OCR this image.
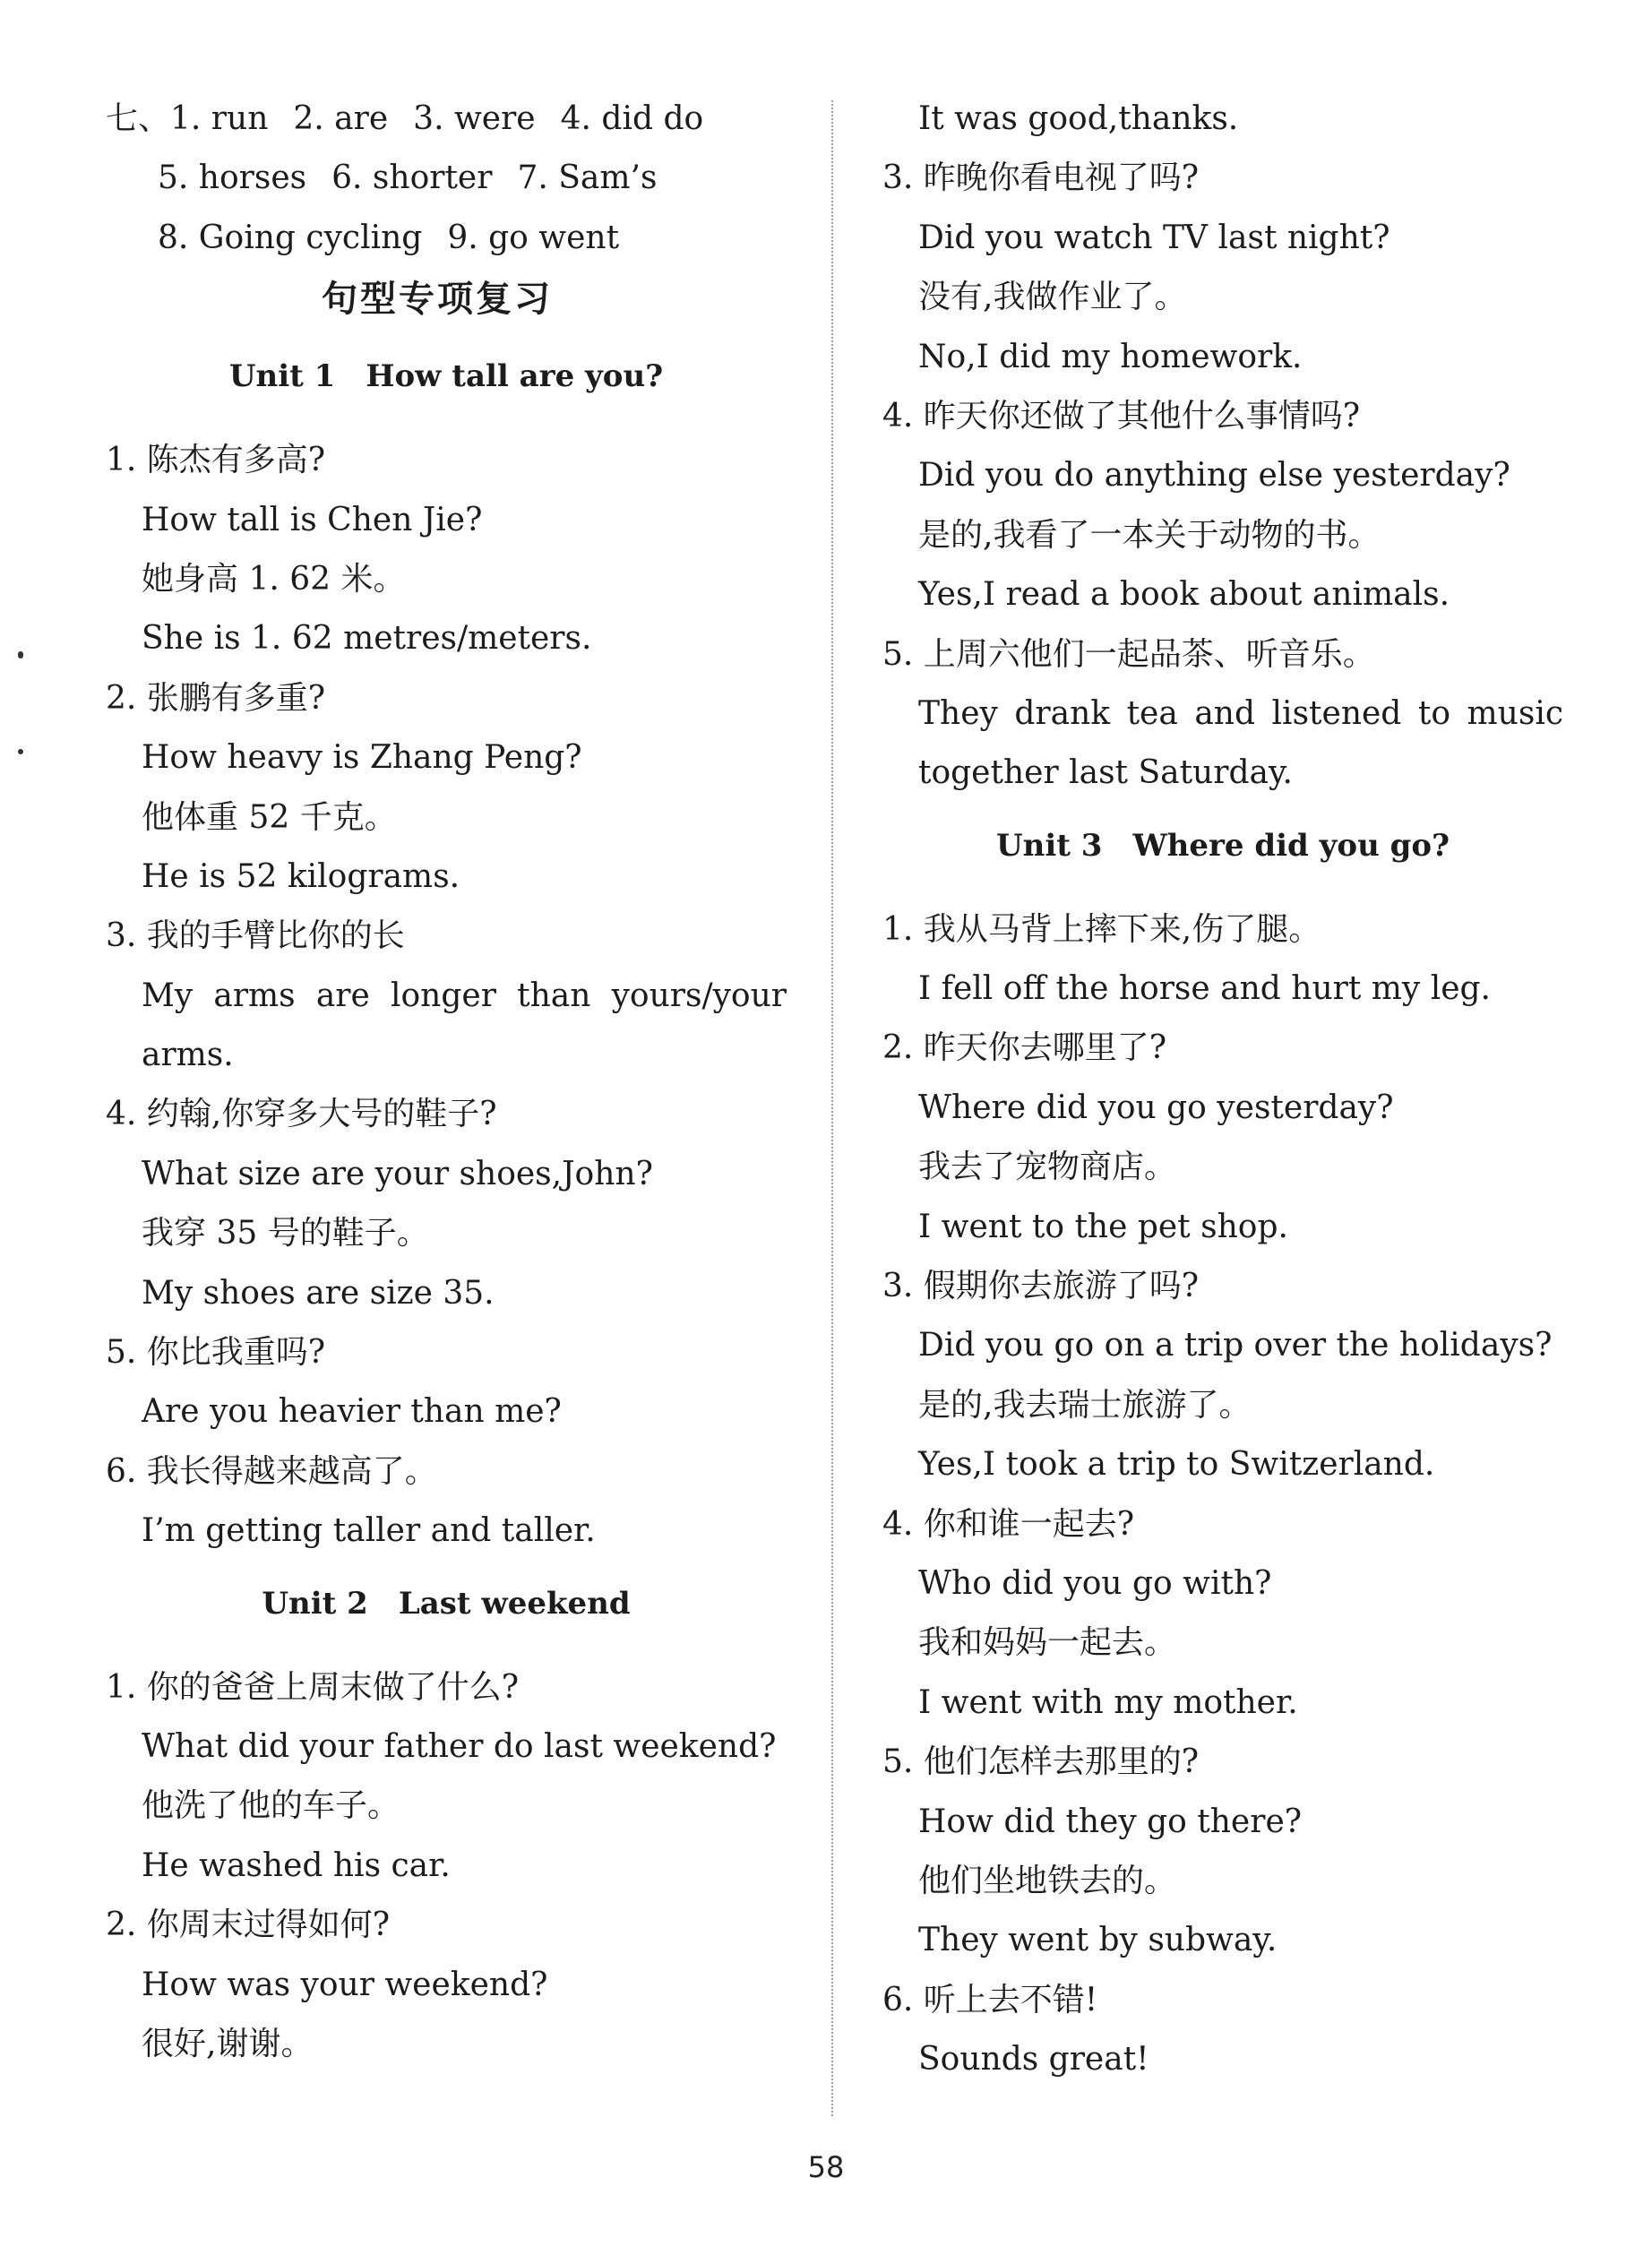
七、1. run 2. are 3. were 4. did do
5. horses 6. shorter 7. Sam’s
8. Going cycling 9. go went
句型专项复习
Unit 1　How tall are you?
1. 陈杰有多高?
How tall is Chen Jie?
她身高 1. 62 米。
She is 1. 62 metres/meters.
2. 张鹏有多重?
How heavy is Zhang Peng?
他体重 52 千克。
He is 52 kilograms.
3. 我的手臂比你的长
My arms are longer than yours/your
arms.
4. 约翰,你穿多大号的鞋子?
What size are your shoes,John?
我穿 35 号的鞋子。
My shoes are size 35.
5. 你比我重吗?
Are you heavier than me?
6. 我长得越来越高了。
I’m getting taller and taller.
Unit 2　Last weekend
1. 你的爸爸上周末做了什么?
What did your father do last weekend?
他洗了他的车子。
He washed his car.
2. 你周末过得如何?
How was your weekend?
很好,谢谢。
It was good,thanks.
3. 昨晚你看电视了吗?
Did you watch TV last night?
没有,我做作业了。
No,I did my homework.
4. 昨天你还做了其他什么事情吗?
Did you do anything else yesterday?
是的,我看了一本关于动物的书。
Yes,I read a book about animals.
5. 上周六他们一起品茶、听音乐。
They drank tea and listened to music
together last Saturday.
Unit 3　Where did you go?
1. 我从马背上摔下来,伤了腿。
I fell off the horse and hurt my leg.
2. 昨天你去哪里了?
Where did you go yesterday?
我去了宠物商店。
I went to the pet shop.
3. 假期你去旅游了吗?
Did you go on a trip over the holidays?
是的,我去瑞士旅游了。
Yes,I took a trip to Switzerland.
4. 你和谁一起去?
Who did you go with?
我和妈妈一起去。
I went with my mother.
5. 他们怎样去那里的?
How did they go there?
他们坐地铁去的。
They went by subway.
6. 听上去不错!
Sounds great!
58
